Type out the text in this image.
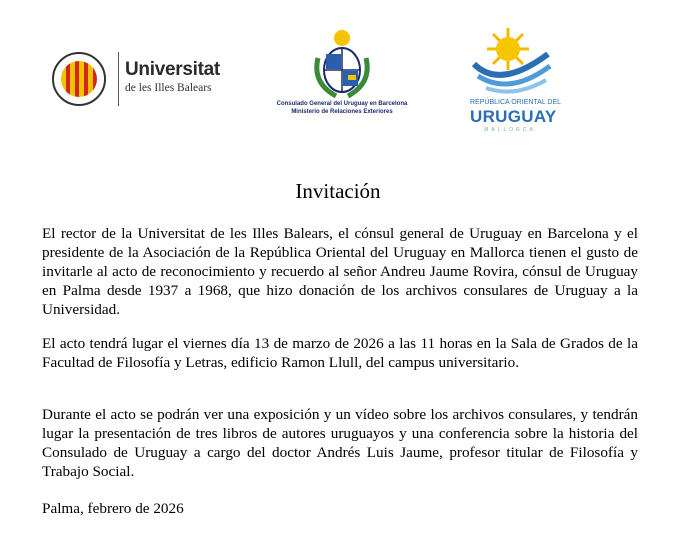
Universitat
de les Illes Balears
Consulado General del Uruguay en Barcelona
Ministerio de Relaciones Exteriores
REPÚBLICA ORIENTAL DEL
URUGUAY
MALLORCA
Invitación

El rector de la Universitat de les Illes Balears, el cónsul general de Uruguay en Barcelona y el presidente de la Asociación de la República Oriental del Uruguay en Mallorca tienen el gusto de invitarle al acto de reconocimiento y recuerdo al señor Andreu Jaume Rovira, cónsul de Uruguay en Palma desde 1937 a 1968, que hizo donación de los archivos consulares de Uruguay a la Universidad.

El acto tendrá lugar el viernes día 13 de marzo de 2026 a las 11 horas en la Sala de Grados de la Facultad de Filosofía y Letras, edificio Ramon Llull, del campus universitario.

Durante el acto se podrán ver una exposición y un vídeo sobre los archivos consulares, y tendrán lugar la presentación de tres libros de autores uruguayos y una conferencia sobre la historia del Consulado de Uruguay a cargo del doctor Andrés Luis Jaume, profesor titular de Filosofía y Trabajo Social.

Palma, febrero de 2026
